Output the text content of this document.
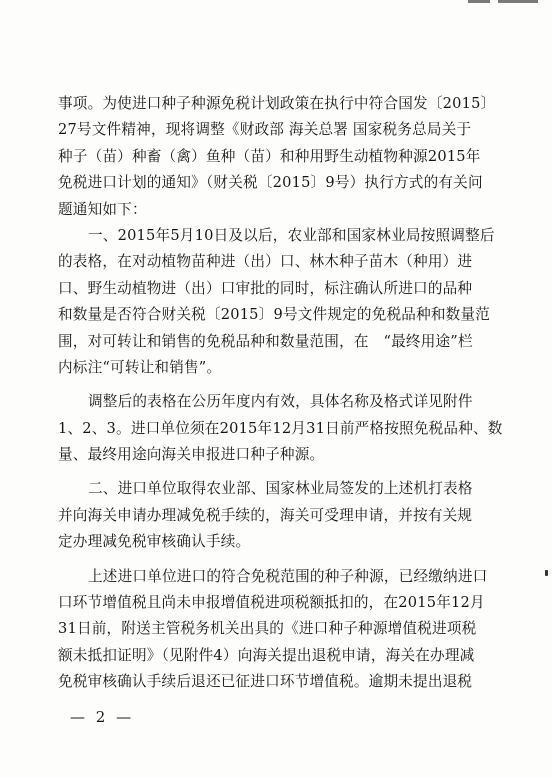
事项。为使进口种子种源免税计划政策在执行中符合国发〔2015〕
27号文件精神，现将调整《财政部 海关总署 国家税务总局关于
种子（苗）种畜（禽）鱼种（苗）和种用野生动植物种源2015年
免税进口计划的通知》（财关税〔2015〕9号）执行方式的有关问
题通知如下：
一、2015年5月10日及以后，农业部和国家林业局按照调整后
的表格，在对动植物苗种进（出）口、林木种子苗木（种用）进
口、野生动植物进（出）口审批的同时，标注确认所进口的品种
和数量是否符合财关税〔2015〕9号文件规定的免税品种和数量范
围，对可转让和销售的免税品种和数量范围，在　“最终用途”栏
内标注“可转让和销售”。
调整后的表格在公历年度内有效，具体名称及格式详见附件
1、2、3。进口单位须在2015年12月31日前严格按照免税品种、数
量、最终用途向海关申报进口种子种源。
二、进口单位取得农业部、国家林业局签发的上述机打表格
并向海关申请办理减免税手续的，海关可受理申请，并按有关规
定办理减免税审核确认手续。
上述进口单位进口的符合免税范围的种子种源，已经缴纳进口
口环节增值税且尚未申报增值税进项税额抵扣的，在2015年12月
31日前，附送主管税务机关出具的《进口种子种源增值税进项税
额未抵扣证明》（见附件4）向海关提出退税申请，海关在办理减
免税审核确认手续后退还已征进口环节增值税。逾期未提出退税
— 2 —
